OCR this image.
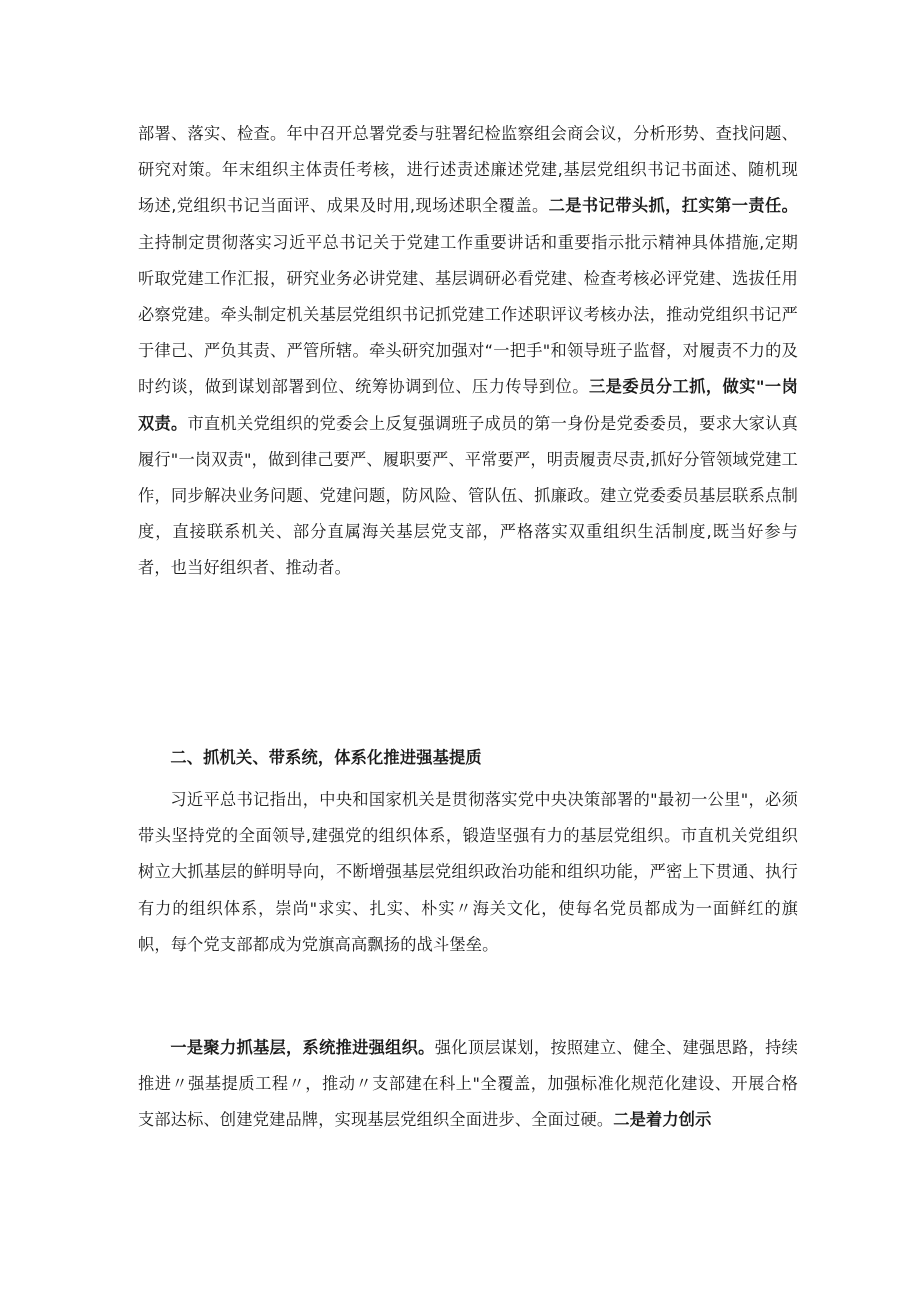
部署、落实、检查。年中召开总署党委与驻署纪检监察组会商会议，分析形势、查找问题、研究对策。年末组织主体责任考核，进行述责述廉述党建,基层党组织书记书面述、随机现场述,党组织书记当面评、成果及时用,现场述职全覆盖。二是书记带头抓，扛实第一责任。主持制定贯彻落实习近平总书记关于党建工作重要讲话和重要指示批示精神具体措施,定期听取党建工作汇报，研究业务必讲党建、基层调研必看党建、检查考核必评党建、选拔任用必察党建。牵头制定机关基层党组织书记抓党建工作述职评议考核办法，推动党组织书记严于律己、严负其责、严管所辖。牵头研究加强对“一把手"和领导班子监督，对履责不力的及时约谈，做到谋划部署到位、统筹协调到位、压力传导到位。三是委员分工抓，做实"一岗双责。市直机关党组织的党委会上反复强调班子成员的第一身份是党委委员，要求大家认真履行"一岗双责"，做到律己要严、履职要严、平常要严，明责履责尽责,抓好分管领域党建工作，同步解决业务问题、党建问题，防风险、管队伍、抓廉政。建立党委委员基层联系点制度，直接联系机关、部分直属海关基层党支部，严格落实双重组织生活制度,既当好参与者，也当好组织者、推动者。
二、抓机关、带系统，体系化推进强基提质
习近平总书记指出，中央和国家机关是贯彻落实党中央决策部署的"最初一公里"，必须带头坚持党的全面领导,建强党的组织体系，锻造坚强有力的基层党组织。市直机关党组织树立大抓基层的鲜明导向，不断增强基层党组织政治功能和组织功能，严密上下贯通、执行有力的组织体系，崇尚"求实、扎实、朴实〃海关文化，使每名党员都成为一面鲜红的旗帜，每个党支部都成为党旗高高飘扬的战斗堡垒。
一是聚力抓基层，系统推进强组织。强化顶层谋划，按照建立、健全、建强思路，持续推进〃强基提质工程〃，推动〃支部建在科上"全覆盖，加强标准化规范化建设、开展合格支部达标、创建党建品牌，实现基层党组织全面进步、全面过硬。二是着力创示
